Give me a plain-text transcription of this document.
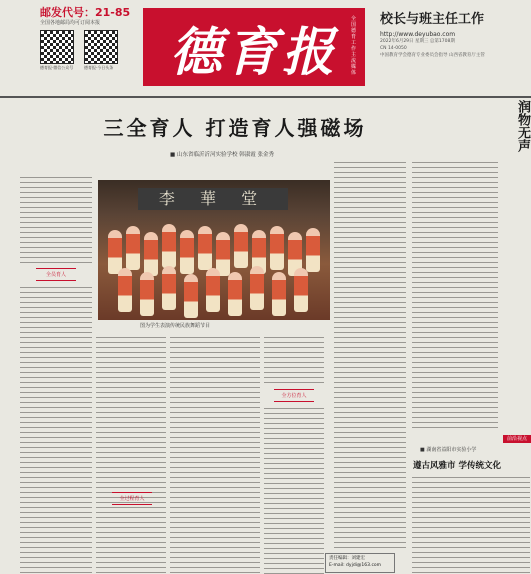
邮发代号：21-85
全国各地邮局均可订阅本报
德育报·微信公众号	德育报·今日头条 德育报
全国德育工作主流媒体
校长与班主任工作
http://www.deyubao.com
2022年6月29日 星期三 总第1708期
CN 14-0050
中国教育学会德育专业委员会指导 山西省教育厅主管
全员育人
全过程育人
全方位育人
三全育人 打造育人强磁场
■ 山东省临沂沂河实验学校 韩淑霞 张金秀
李 華 堂
图为学生表演传统民族舞蹈节目
润物无声
前沿视点
■ 湖南省益阳市实验小学
遵古风雅市 学传统文化
责任编辑：刘建宏
E-mail: dyjdi@163.com
